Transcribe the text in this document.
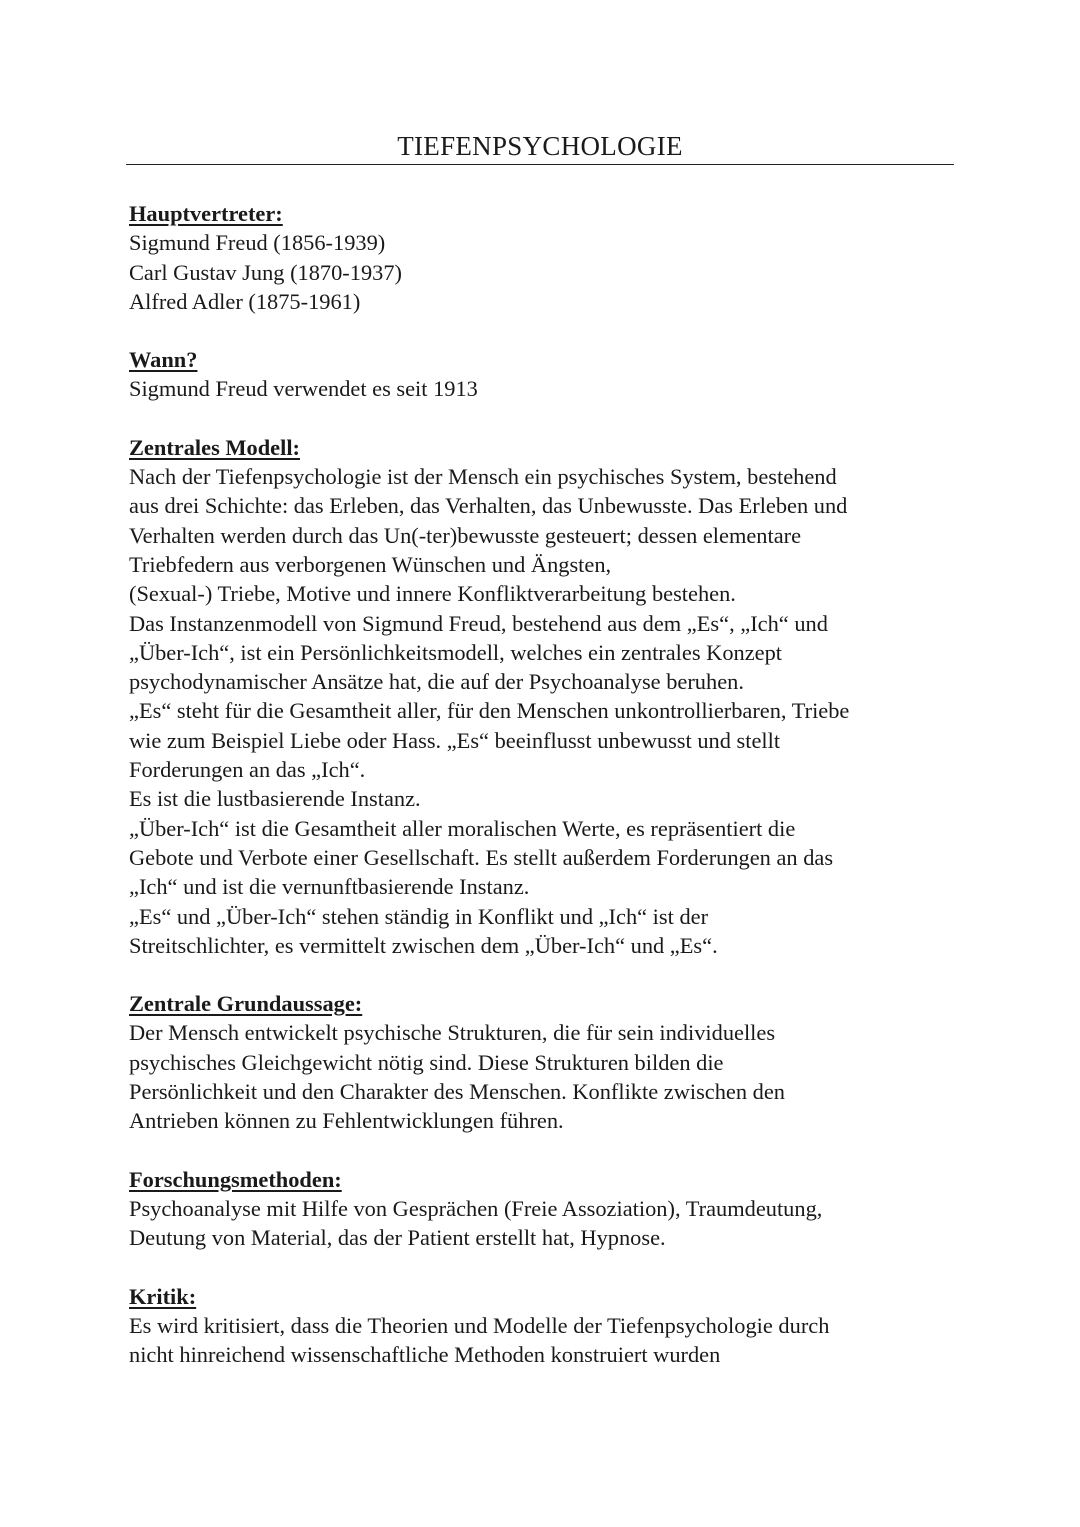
TIEFENPSYCHOLOGIE
Hauptvertreter:
Sigmund Freud (1856-1939)
Carl Gustav Jung (1870-1937)
Alfred Adler (1875-1961)
Wann?
Sigmund Freud verwendet es seit 1913
Zentrales Modell:
Nach der Tiefenpsychologie ist der Mensch ein psychisches System, bestehend
aus drei Schichte: das Erleben, das Verhalten, das Unbewusste. Das Erleben und
Verhalten werden durch das Un(-ter)bewusste gesteuert; dessen elementare
Triebfedern aus verborgenen Wünschen und Ängsten,
(Sexual-) Triebe, Motive und innere Konfliktverarbeitung bestehen.
Das Instanzenmodell von Sigmund Freud, bestehend aus dem „Es“, „Ich“ und
„Über-Ich“, ist ein Persönlichkeitsmodell, welches ein zentrales Konzept
psychodynamischer Ansätze hat, die auf der Psychoanalyse beruhen.
„Es“ steht für die Gesamtheit aller, für den Menschen unkontrollierbaren, Triebe
wie zum Beispiel Liebe oder Hass. „Es“ beeinflusst unbewusst und stellt
Forderungen an das „Ich“.
Es ist die lustbasierende Instanz.
„Über-Ich“ ist die Gesamtheit aller moralischen Werte, es repräsentiert die
Gebote und Verbote einer Gesellschaft. Es stellt außerdem Forderungen an das
„Ich“ und ist die vernunftbasierende Instanz.
„Es“ und „Über-Ich“ stehen ständig in Konflikt und „Ich“ ist der
Streitschlichter, es vermittelt zwischen dem „Über-Ich“ und „Es“.
Zentrale Grundaussage:
Der Mensch entwickelt psychische Strukturen, die für sein individuelles
psychisches Gleichgewicht nötig sind. Diese Strukturen bilden die
Persönlichkeit und den Charakter des Menschen. Konflikte zwischen den
Antrieben können zu Fehlentwicklungen führen.
Forschungsmethoden:
Psychoanalyse mit Hilfe von Gesprächen (Freie Assoziation), Traumdeutung,
Deutung von Material, das der Patient erstellt hat, Hypnose.
Kritik:
Es wird kritisiert, dass die Theorien und Modelle der Tiefenpsychologie durch
nicht hinreichend wissenschaftliche Methoden konstruiert wurden
